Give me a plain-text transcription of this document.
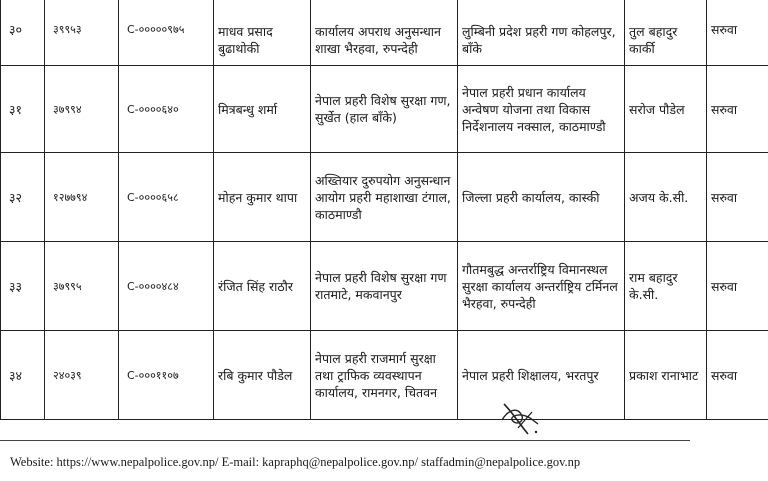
३०	३९९५३	C-०००००९७५	माधव प्रसाद बुढाथोकी	कार्यालय अपराध अनुसन्धान शाखा भैरहवा, रुपन्देही	लुम्बिनी प्रदेश प्रहरी गण कोहलपुर, बाँके	तुल बहादुर कार्की	सरुवा
३१	३७९९४	C-००००६४०	मित्रबन्धु शर्मा	नेपाल प्रहरी विशेष सुरक्षा गण, सुर्खेत (हाल बाँके)	नेपाल प्रहरी प्रधान कार्यालय अन्वेषण योजना तथा विकास निर्देशनालय नक्साल, काठमाण्डौ	सरोज पौडेल	सरुवा
३२	१२७७९४	C-००००६५८	मोहन कुमार थापा	अख्तियार दुरुपयोग अनुसन्धान आयोग प्रहरी महाशाखा टंगाल, काठमाण्डौ	जिल्ला प्रहरी कार्यालय, कास्की	अजय के.सी.	सरुवा
३३	३७९९५	C-००००४८४	रंजित सिंह राठौर	नेपाल प्रहरी विशेष सुरक्षा गण रातमाटे, मकवानपुर	गौतमबुद्ध अन्तर्राष्ट्रिय विमानस्थल सुरक्षा कार्यालय अन्तर्राष्ट्रिय टर्मिनल भैरहवा, रुपन्देही	राम बहादुर के.सी.	सरुवा
३४	२४०३९	C-०००११०७	रबि कुमार पौडेल	नेपाल प्रहरी राजमार्ग सुरक्षा तथा ट्राफिक व्यवस्थापन कार्यालय, रामनगर, चितवन	नेपाल प्रहरी शिक्षालय, भरतपुर	प्रकाश रानाभाट	सरुवा
Website: https://www.nepalpolice.gov.np/ E-mail: kapraphq@nepalpolice.gov.np/ staffadmin@nepalpolice.gov.np
